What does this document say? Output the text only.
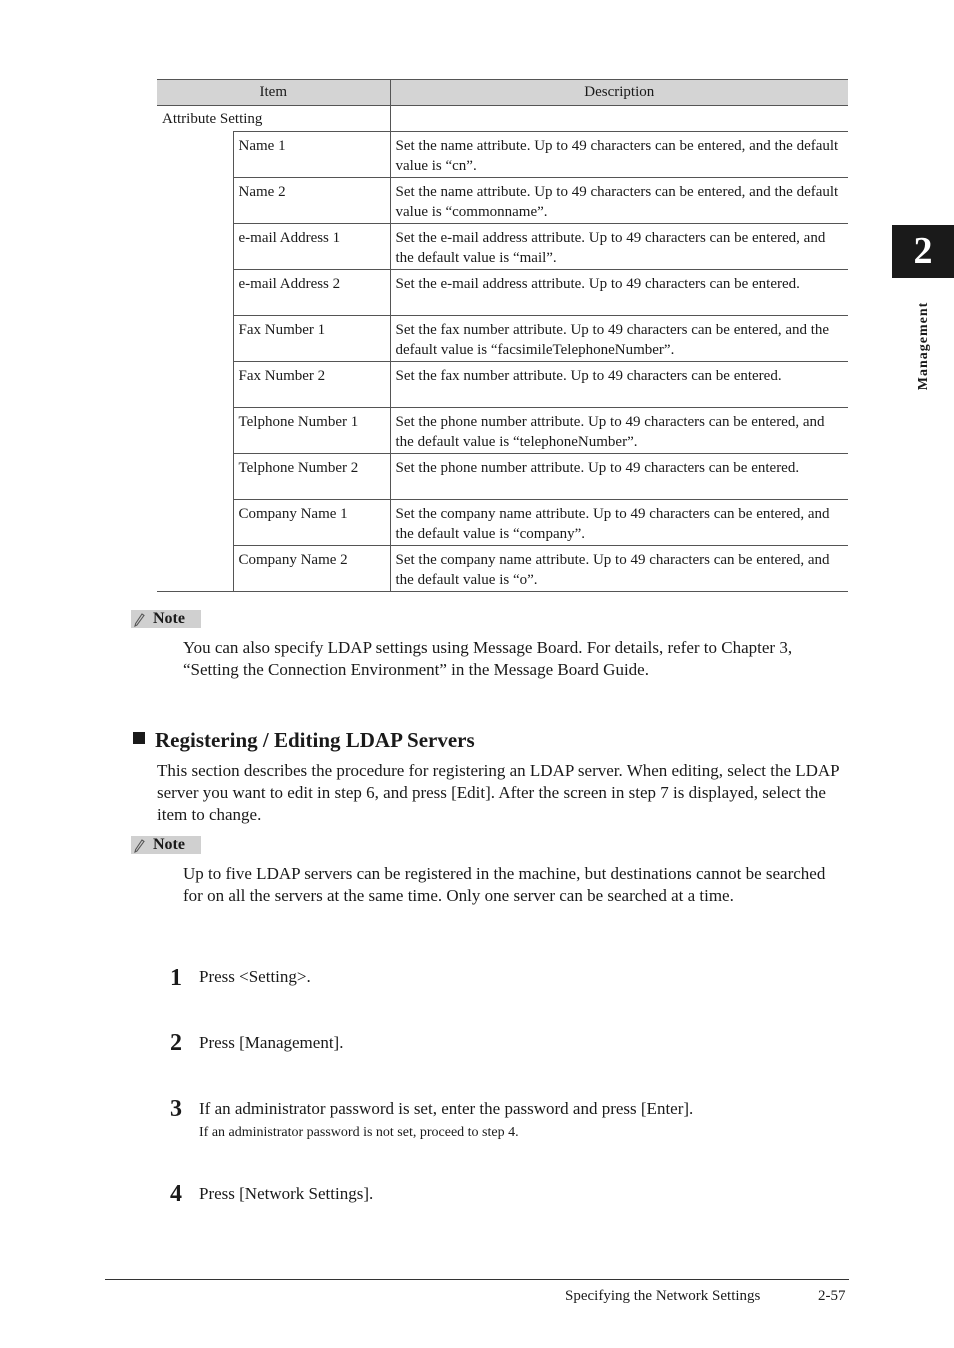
Item		Description
Attribute Setting		
	Name 1	Set the name attribute. Up to 49 characters can be entered, and the default value is “cn”.
	Name 2	Set the name attribute. Up to 49 characters can be entered, and the default value is “commonname”.
	e-mail Address 1	Set the e-mail address attribute. Up to 49 characters can be entered, and the default value is “mail”.
	e-mail Address 2	Set the e-mail address attribute. Up to 49 characters can be entered.
	Fax Number 1	Set the fax number attribute. Up to 49 characters can be entered, and the default value is “facsimileTelephoneNumber”.
	Fax Number 2	Set the fax number attribute. Up to 49 characters can be entered.
	Telphone Number 1	Set the phone number attribute. Up to 49 characters can be entered, and the default value is “telephoneNumber”.
	Telphone Number 2	Set the phone number attribute. Up to 49 characters can be entered.
	Company Name 1	Set the company name attribute. Up to 49 characters can be entered, and the default value is “company”.
	Company Name 2	Set the company name attribute. Up to 49 characters can be entered, and the default value is “o”.
Note
You can also specify LDAP settings using Message Board. For details, refer to Chapter 3, “Setting the Connection Environment” in the Message Board Guide.
Registering / Editing LDAP Servers
This section describes the procedure for registering an LDAP server. When editing, select the LDAP server you want to edit in step 6, and press [Edit]. After the screen in step 7 is displayed, select the item to change.
Note
Up to five LDAP servers can be registered in the machine, but destinations cannot be searched for on all the servers at the same time. Only one server can be searched at a time.
1 Press <Setting>.
2 Press [Management].
3 If an administrator password is set, enter the password and press [Enter].
If an administrator password is not set, proceed to step 4.
4 Press [Network Settings].
2
Management
Specifying the Network Settings	2-57
